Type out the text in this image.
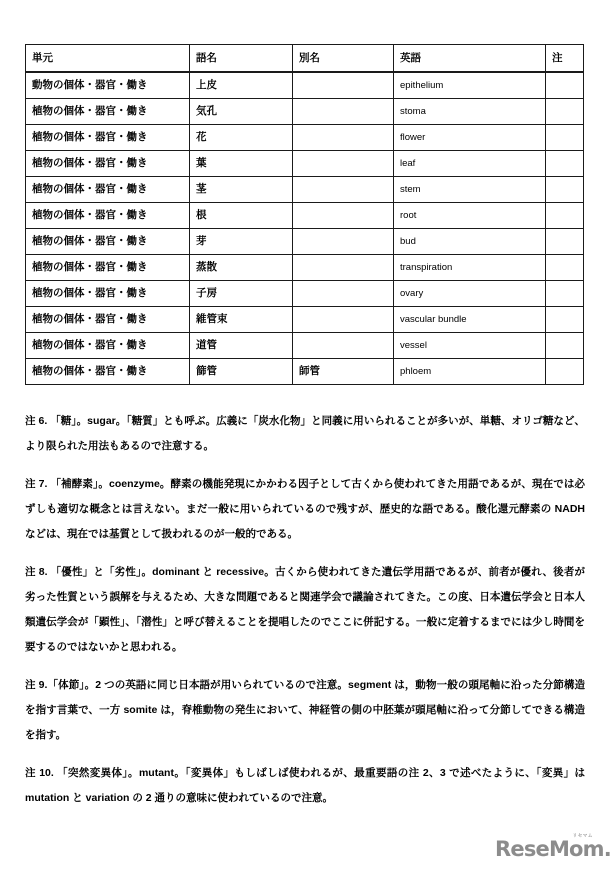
単元	語名	別名	英語	注
動物の個体・器官・働き	上皮		epithelium	
植物の個体・器官・働き	気孔		stoma	
植物の個体・器官・働き	花		flower	
植物の個体・器官・働き	葉		leaf	
植物の個体・器官・働き	茎		stem	
植物の個体・器官・働き	根		root	
植物の個体・器官・働き	芽		bud	
植物の個体・器官・働き	蒸散		transpiration	
植物の個体・器官・働き	子房		ovary	
植物の個体・器官・働き	維管束		vascular bundle	
植物の個体・器官・働き	道管		vessel	
植物の個体・器官・働き	篩管	師管	phloem	

注 6. 「糖」。sugar。「糖質」とも呼ぶ。広義に「炭水化物」と同義に用いられることが多いが、単糖、オリゴ糖など、より限られた用法もあるので注意する。

注 7. 「補酵素」。coenzyme。酵素の機能発現にかかわる因子として古くから使われてきた用語であるが、現在では必ずしも適切な概念とは言えない。まだ一般に用いられているので残すが、歴史的な語である。酸化還元酵素の NADH などは、現在では基質として扱われるのが一般的である。

注 8. 「優性」と「劣性」。dominant と recessive。古くから使われてきた遺伝学用語であるが、前者が優れ、後者が劣った性質という誤解を与えるため、大きな問題であると関連学会で議論されてきた。この度、日本遺伝学会と日本人類遺伝学会が「顕性」、「潜性」と呼び替えることを提唱したのでここに併記する。一般に定着するまでには少し時間を要するのではないかと思われる。

注 9.「体節」。2 つの英語に同じ日本語が用いられているので注意。segment は，動物一般の頭尾軸に沿った分節構造を指す言葉で、一方 somite は，脊椎動物の発生において、神経管の側の中胚葉が頭尾軸に沿って分節してできる構造を指す。

注 10. 「突然変異体」。mutant。「変異体」もしばしば使われるが、最重要語の注 2、3 で述べたように、「変異」は mutation と variation の 2 通りの意味に使われているので注意。

リセマム
ReseMom.
